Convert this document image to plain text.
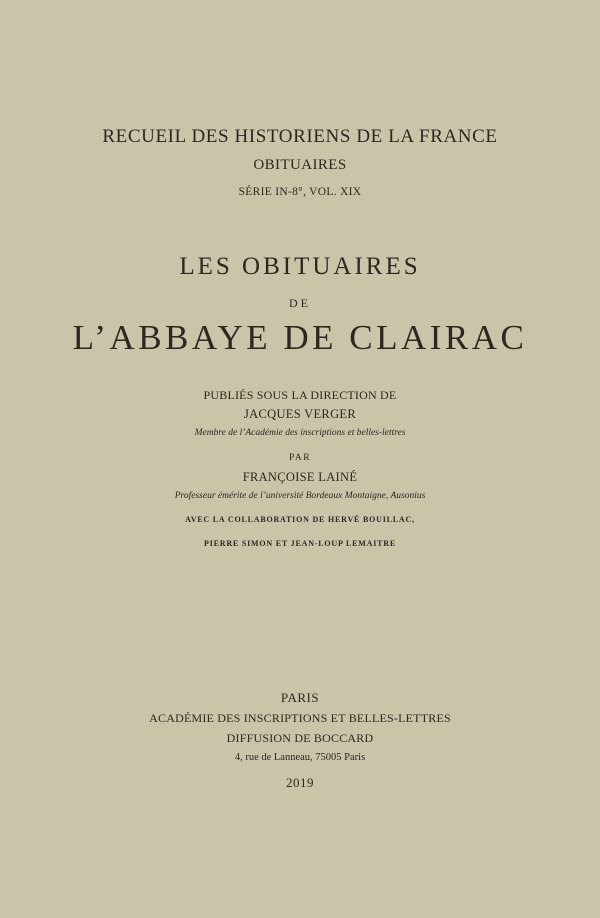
RECUEIL DES HISTORIENS DE LA FRANCE
OBITUAIRES
SÉRIE IN-8°, VOL. XIX
LES OBITUAIRES
DE
L’ABBAYE DE CLAIRAC
PUBLIÉS SOUS LA DIRECTION DE
JACQUES VERGER
Membre de l’Académie des inscriptions et belles-lettres
PAR
FRANÇOISE LAINÉ
Professeur émérite de l’université Bordeaux Montaigne, Ausonius
AVEC LA COLLABORATION DE HERVÉ BOUILLAC,
PIERRE SIMON ET JEAN-LOUP LEMAITRE
PARIS
ACADÉMIE DES INSCRIPTIONS ET BELLES-LETTRES
DIFFUSION DE BOCCARD
4, rue de Lanneau, 75005 Paris
2019
